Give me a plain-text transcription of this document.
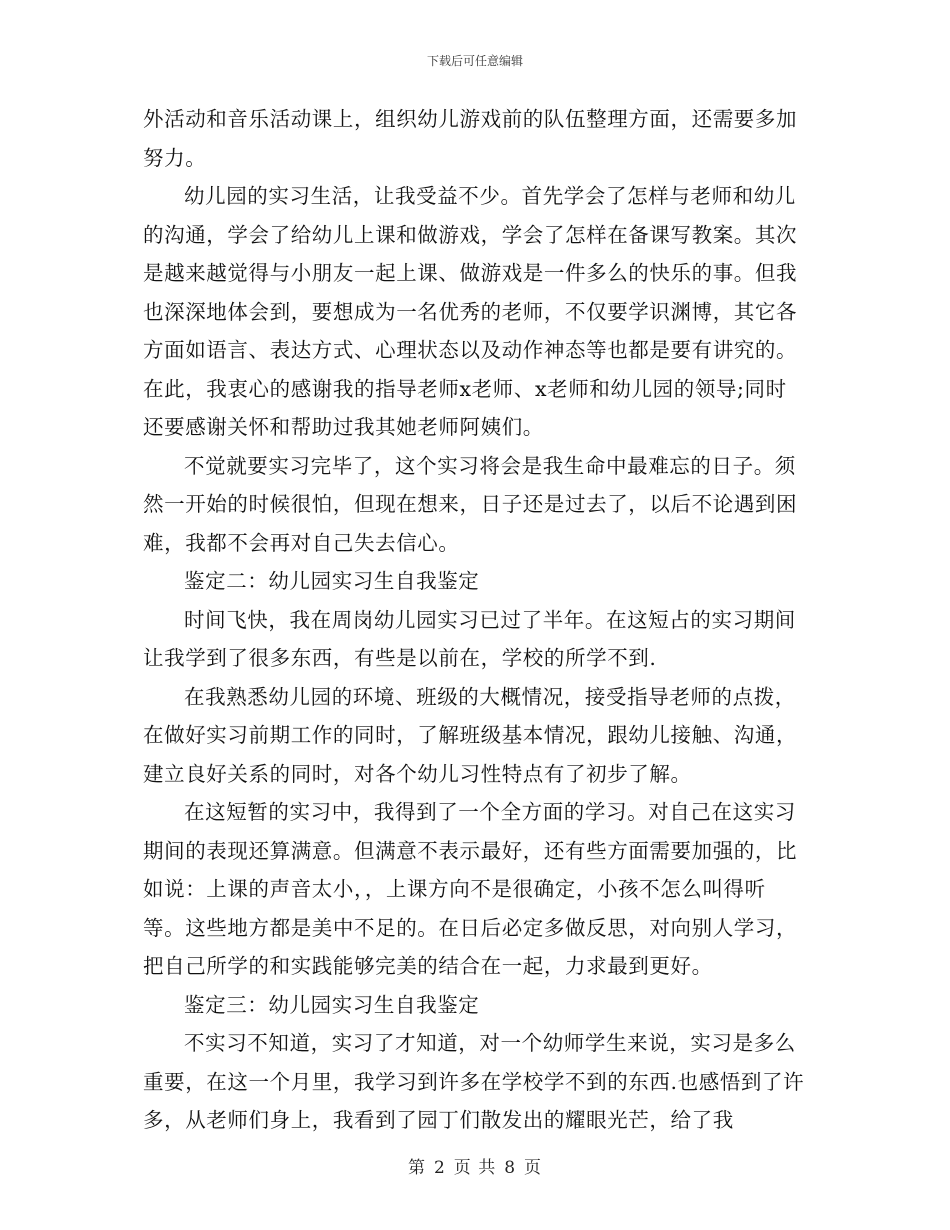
下载后可任意编辑

外活动和音乐活动课上，组织幼儿游戏前的队伍整理方面，还需要多加努力。

幼儿园的实习生活，让我受益不少。首先学会了怎样与老师和幼儿的沟通，学会了给幼儿上课和做游戏，学会了怎样在备课写教案。其次是越来越觉得与小朋友一起上课、做游戏是一件多么的快乐的事。但我也深深地体会到，要想成为一名优秀的老师，不仅要学识渊博，其它各方面如语言、表达方式、心理状态以及动作神态等也都是要有讲究的。在此，我衷心的感谢我的指导老师x老师、x老师和幼儿园的领导;同时还要感谢关怀和帮助过我其她老师阿姨们。

不觉就要实习完毕了，这个实习将会是我生命中最难忘的日子。须然一开始的时候很怕，但现在想来，日子还是过去了，以后不论遇到困难，我都不会再对自己失去信心。

鉴定二：幼儿园实习生自我鉴定

时间飞快，我在周岗幼儿园实习已过了半年。在这短占的实习期间让我学到了很多东西，有些是以前在，学校的所学不到.

在我熟悉幼儿园的环境、班级的大概情况，接受指导老师的点拨，在做好实习前期工作的同时，了解班级基本情况，跟幼儿接触、沟通，建立良好关系的同时，对各个幼儿习性特点有了初步了解。

在这短暂的实习中，我得到了一个全方面的学习。对自己在这实习期间的表现还算满意。但满意不表示最好，还有些方面需要加强的，比如说：上课的声音太小，，上课方向不是很确定，小孩不怎么叫得听等。这些地方都是美中不足的。在日后必定多做反思，对向别人学习，把自己所学的和实践能够完美的结合在一起，力求最到更好。

鉴定三：幼儿园实习生自我鉴定

不实习不知道，实习了才知道，对一个幼师学生来说，实习是多么重要，在这一个月里，我学习到许多在学校学不到的东西.也感悟到了许多，从老师们身上，我看到了园丁们散发出的耀眼光芒，给了我

第 2 页 共 8 页
